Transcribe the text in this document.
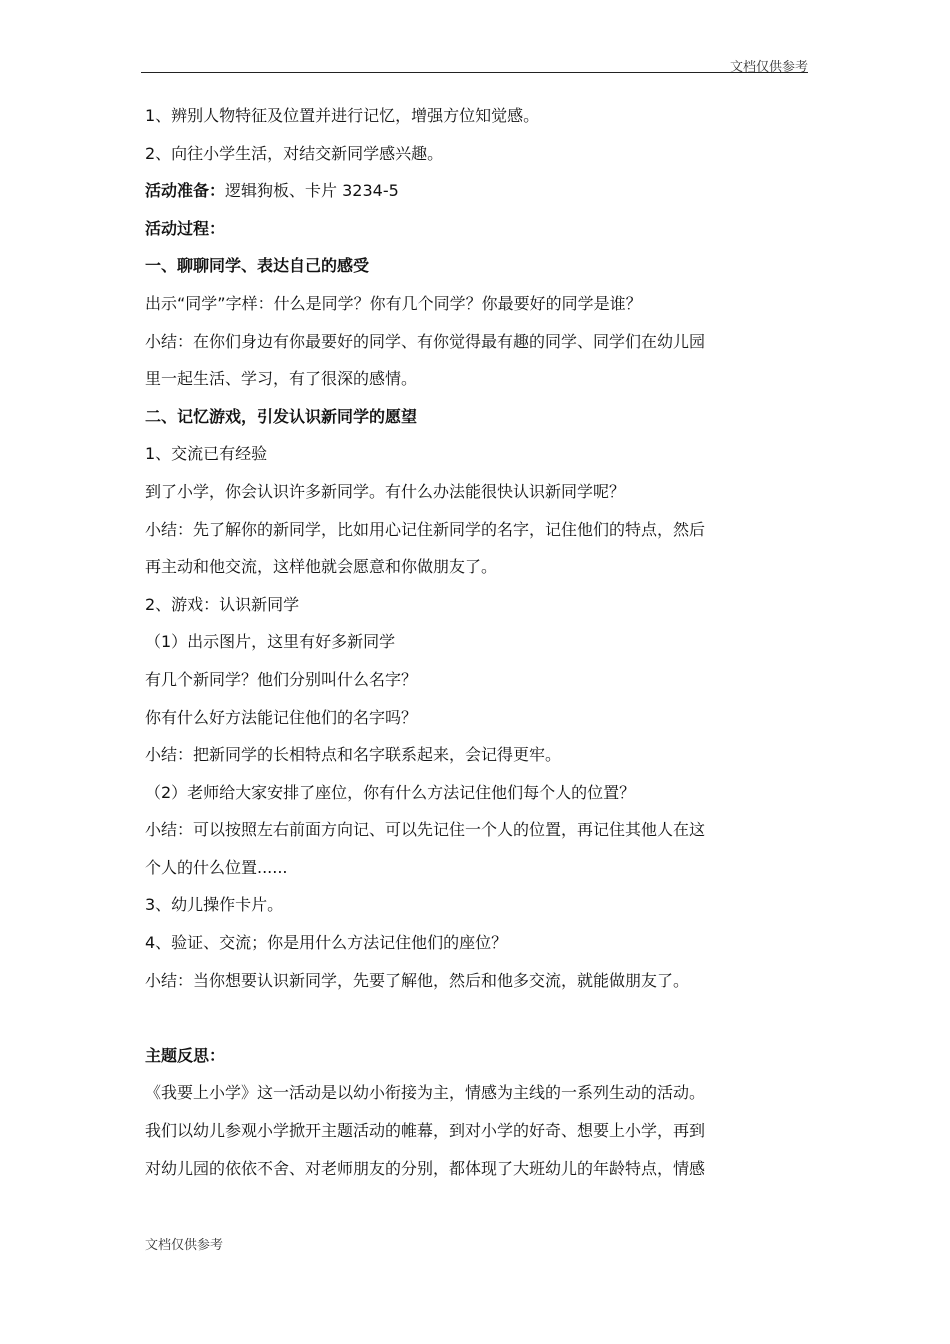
文档仅供参考

1、辨别人物特征及位置并进行记忆，增强方位知觉感。

2、向往小学生活，对结交新同学感兴趣。

活动准备：逻辑狗板、卡片 3234-5

活动过程：

一、聊聊同学、表达自己的感受

出示“同学”字样：什么是同学？你有几个同学？你最要好的同学是谁？

小结：在你们身边有你最要好的同学、有你觉得最有趣的同学、同学们在幼儿园

里一起生活、学习，有了很深的感情。

二、记忆游戏，引发认识新同学的愿望

1、交流已有经验

到了小学，你会认识许多新同学。有什么办法能很快认识新同学呢？

小结：先了解你的新同学，比如用心记住新同学的名字，记住他们的特点，然后

再主动和他交流，这样他就会愿意和你做朋友了。

2、游戏：认识新同学

（1）出示图片，这里有好多新同学

有几个新同学？他们分别叫什么名字？

你有什么好方法能记住他们的名字吗？

小结：把新同学的长相特点和名字联系起来，会记得更牢。

（2）老师给大家安排了座位，你有什么方法记住他们每个人的位置？

小结：可以按照左右前面方向记、可以先记住一个人的位置，再记住其他人在这

个人的什么位置......

3、幼儿操作卡片。

4、验证、交流；你是用什么方法记住他们的座位？

小结：当你想要认识新同学，先要了解他，然后和他多交流，就能做朋友了。

主题反思：

《我要上小学》这一活动是以幼小衔接为主，情感为主线的一系列生动的活动。

我们以幼儿参观小学掀开主题活动的帷幕，到对小学的好奇、想要上小学，再到

对幼儿园的依依不舍、对老师朋友的分别，都体现了大班幼儿的年龄特点，情感

文档仅供参考
